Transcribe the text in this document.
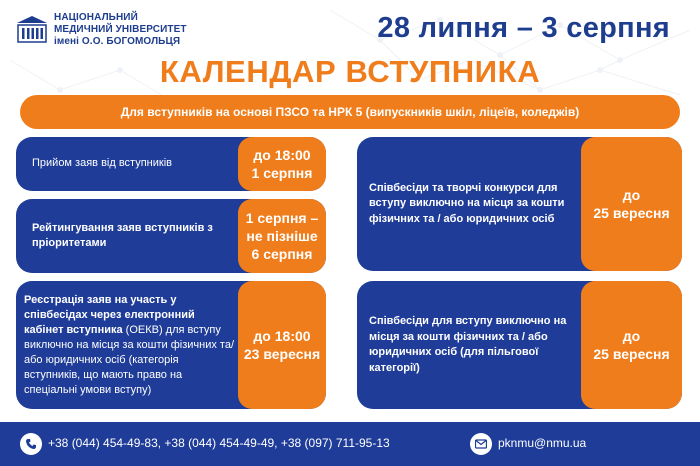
НАЦІОНАЛЬНИЙ
МЕДИЧНИЙ УНІВЕРСИТЕТ
імені О.О. БОГОМОЛЬЦЯ	28 липня – 3 серпня
КАЛЕНДАР ВСТУПНИКА
Для вступників на основі ПЗСО та НРК 5 (випускників шкіл, ліцеїв, коледжів)
Прийом заяв від вступників
до 18:00
1 серпня
Рейтингування заяв вступників з пріоритетами
1 серпня –
не пізніше
6 серпня
Реєстрація заяв на участь у співбесідах через електронний кабінет вступника (ОЕКВ) для вступу виключно на місця за кошти фізичних та/або юридичних осіб (категорія вступників, що мають право на спеціальні умови вступу)
до 18:00
23 вересня
Співбесіди та творчі конкурси для вступу виключно на місця за кошти фізичних та / або юридичних осіб
до
25 вересня
Співбесіди для вступу виключно на місця за кошти фізичних та / або юридичних осіб (для пільгової категорії)
до
25 вересня
+38 (044) 454-49-83, +38 (044) 454-49-49, +38 (097) 711-95-13	pknmu@nmu.ua
